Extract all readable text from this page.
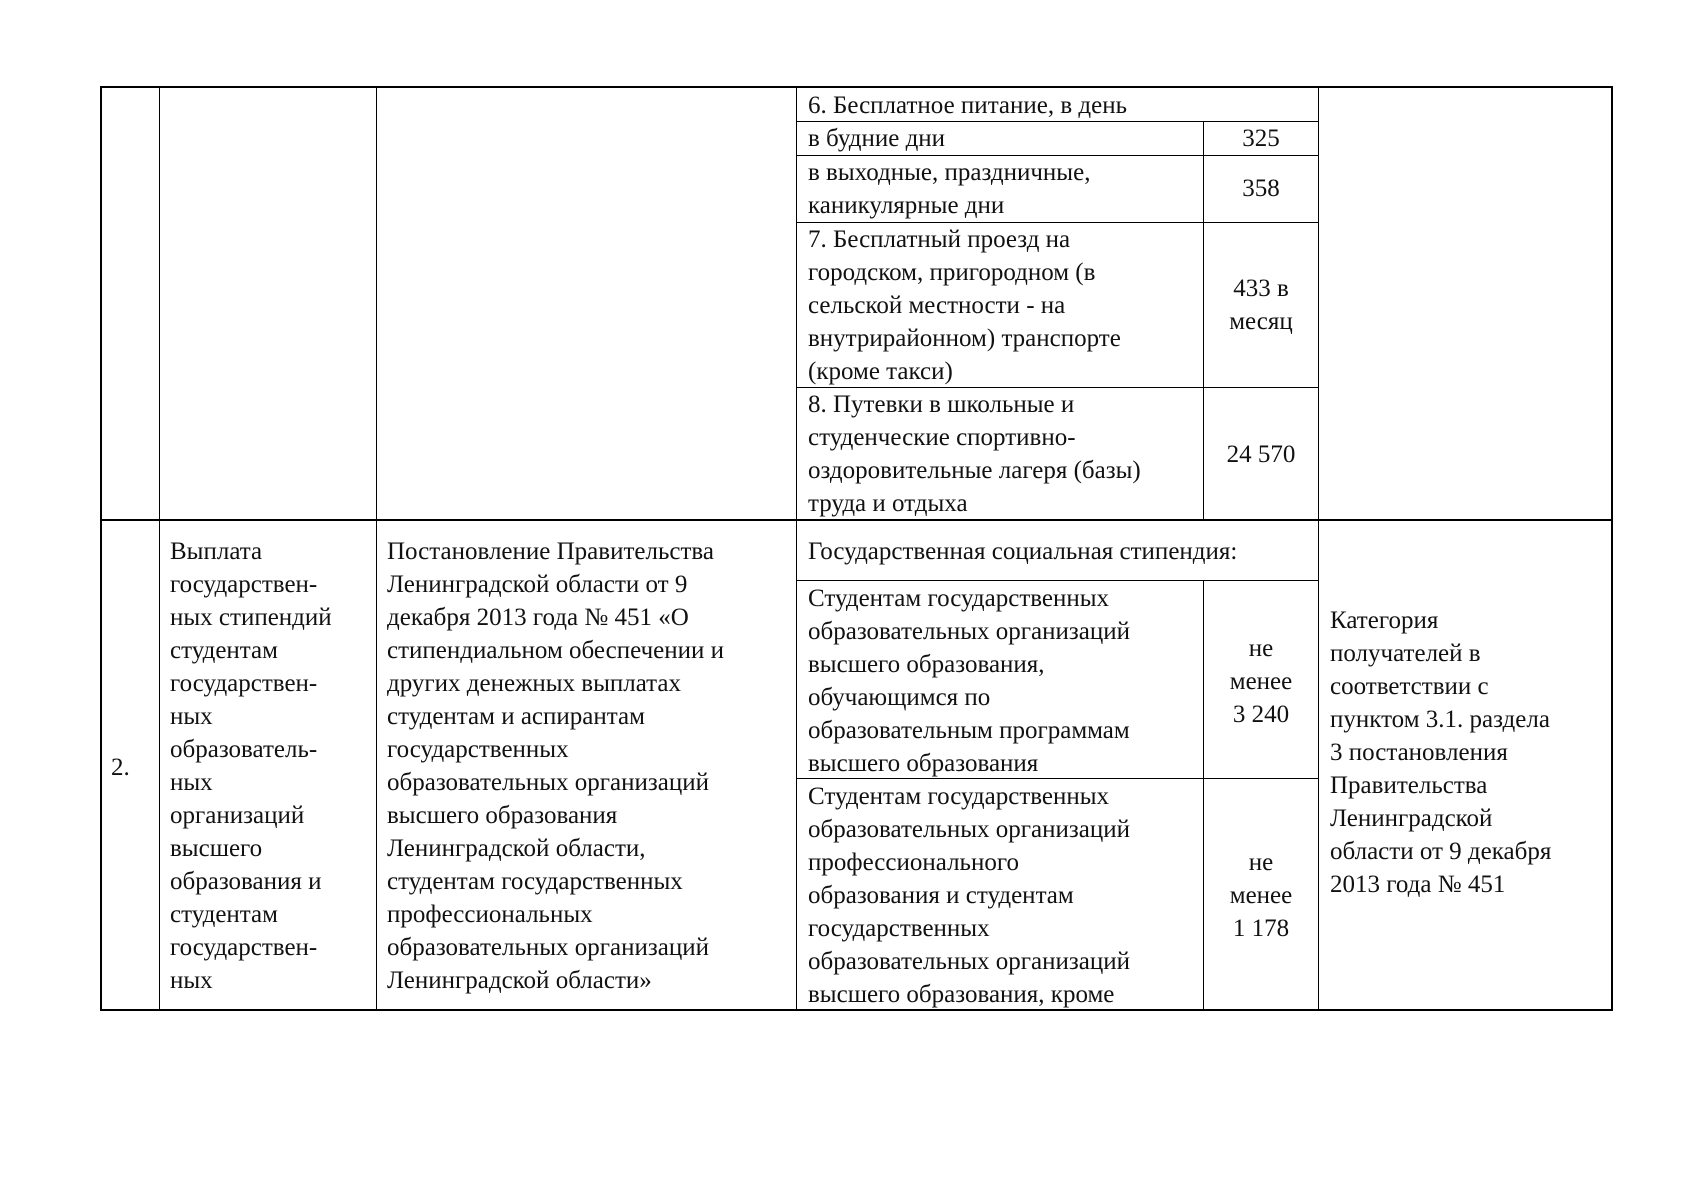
6. Бесплатное питание, в день
в будние дни	325
в выходные, праздничные,
каникулярные дни
358
7. Бесплатный проезд на
городском, пригородном (в
сельской местности - на
внутрирайонном) транспорте
(кроме такси)
433 в
месяц
8. Путевки в школьные и
студенческие спортивно-
оздоровительные лагеря (базы)
труда и отдыха
24 570
2.
Выплата
государствен-
ных стипендий
студентам
государствен-
ных
образователь-
ных
организаций
высшего
образования и
студентам
государствен-
ных
Постановление Правительства
Ленинградской области от 9
декабря 2013 года № 451 «О
стипендиальном обеспечении и
других денежных выплатах
студентам и аспирантам
государственных
образовательных организаций
высшего образования
Ленинградской области,
студентам государственных
профессиональных
образовательных организаций
Ленинградской области»
Государственная социальная стипендия:
Студентам государственных
образовательных организаций
высшего образования,
обучающимся по
образовательным программам
высшего образования
не
менее
3 240
Студентам государственных
образовательных организаций
профессионального
образования и студентам
государственных
образовательных организаций
высшего образования, кроме
не
менее
1 178
Категория
получателей в
соответствии с
пунктом 3.1. раздела
3 постановления
Правительства
Ленинградской
области от 9 декабря
2013 года № 451
